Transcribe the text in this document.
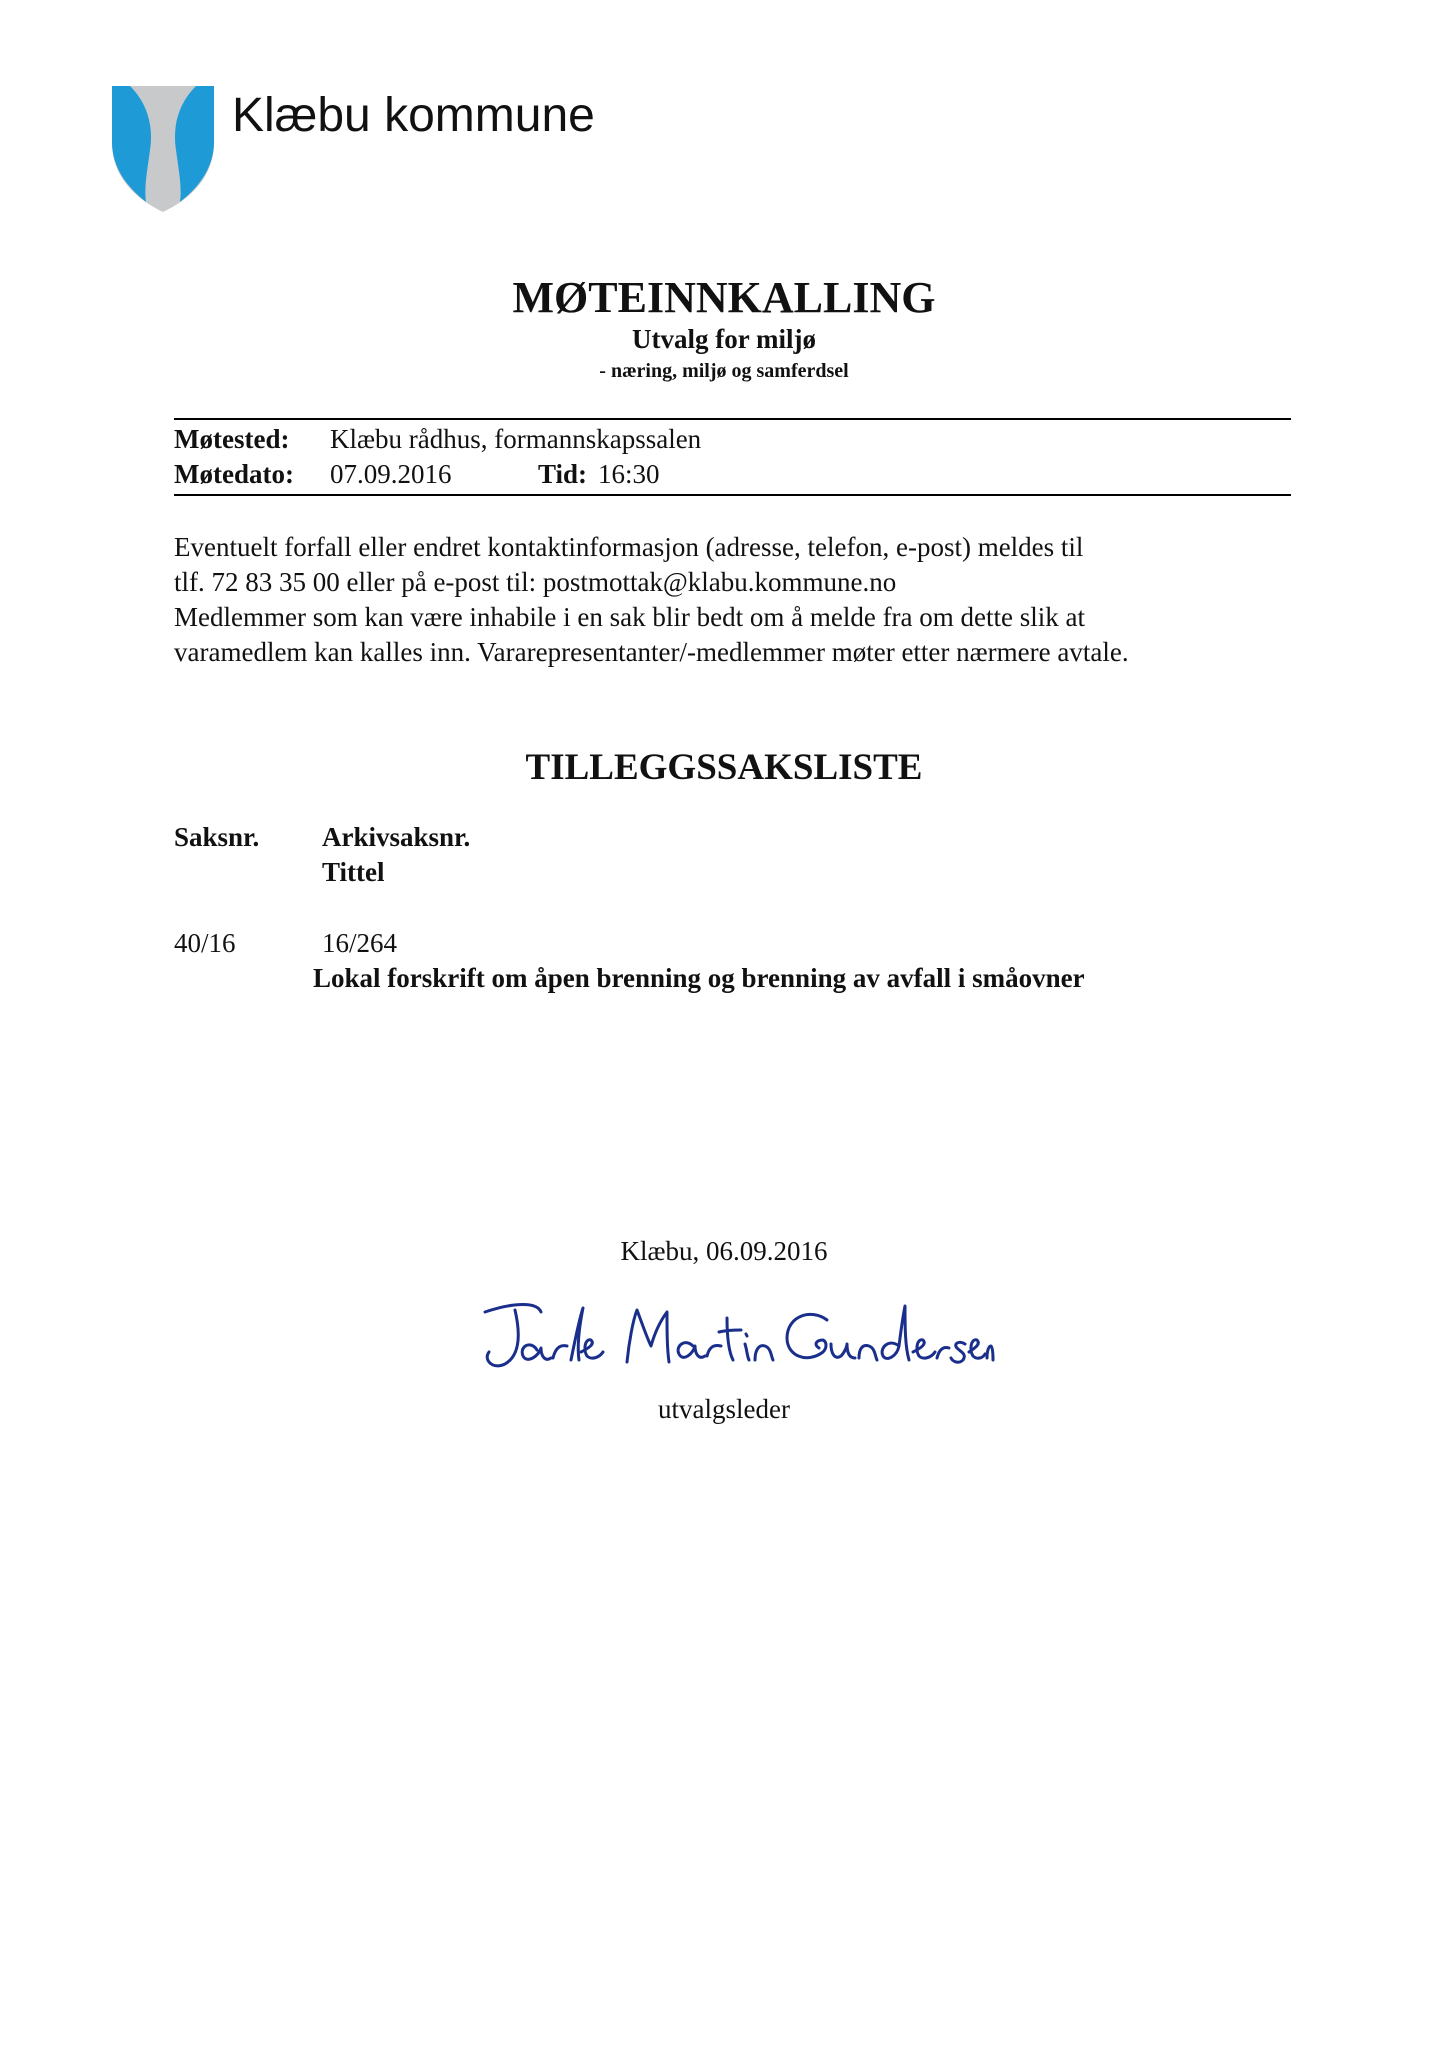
Klæbu kommune
MØTEINNKALLING
Utvalg for miljø
- næring, miljø og samferdsel
Møtested: Klæbu rådhus, formannskapssalen
Møtedato: 07.09.2016	Tid: 16:30
Eventuelt forfall eller endret kontaktinformasjon (adresse, telefon, e-post) meldes til
tlf. 72 83 35 00 eller på e-post til: postmottak@klabu.kommune.no
Medlemmer som kan være inhabile i en sak blir bedt om å melde fra om dette slik at
varamedlem kan kalles inn. Vararepresentanter/-medlemmer møter etter nærmere avtale.
TILLEGGSSAKSLISTE
Saksnr. Arkivsaksnr.
Tittel
40/16	16/264
Lokal forskrift om åpen brenning og brenning av avfall i småovner
Klæbu, 06.09.2016
utvalgsleder
